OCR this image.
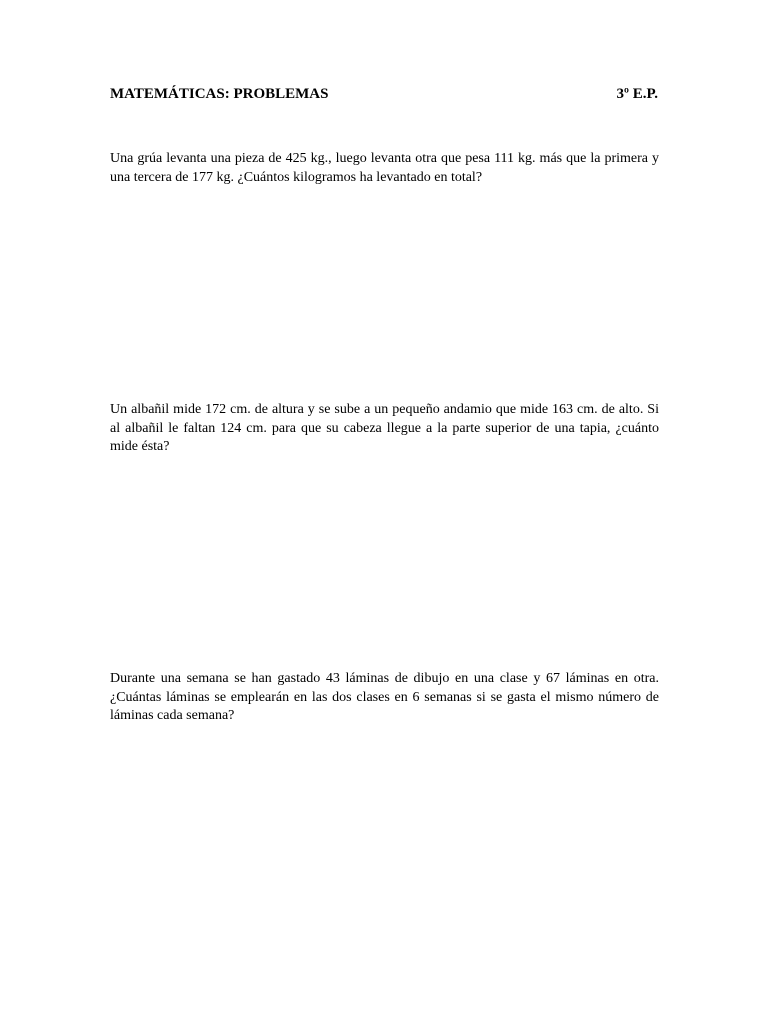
MATEMÁTICAS: PROBLEMAS	3º E.P.

Una grúa levanta una pieza de 425 kg., luego levanta otra que pesa 111 kg. más que la primera y una tercera de 177 kg. ¿Cuántos kilogramos ha levantado en total?

Un albañil mide 172 cm. de altura y se sube a un pequeño andamio que mide 163 cm. de alto. Si al albañil le faltan 124 cm. para que su cabeza llegue a la parte superior de una tapia, ¿cuánto mide ésta?

Durante una semana se han gastado 43 láminas de dibujo en una clase y 67 láminas en otra. ¿Cuántas láminas se emplearán en las dos clases en 6 semanas si se gasta el mismo número de láminas cada semana?
